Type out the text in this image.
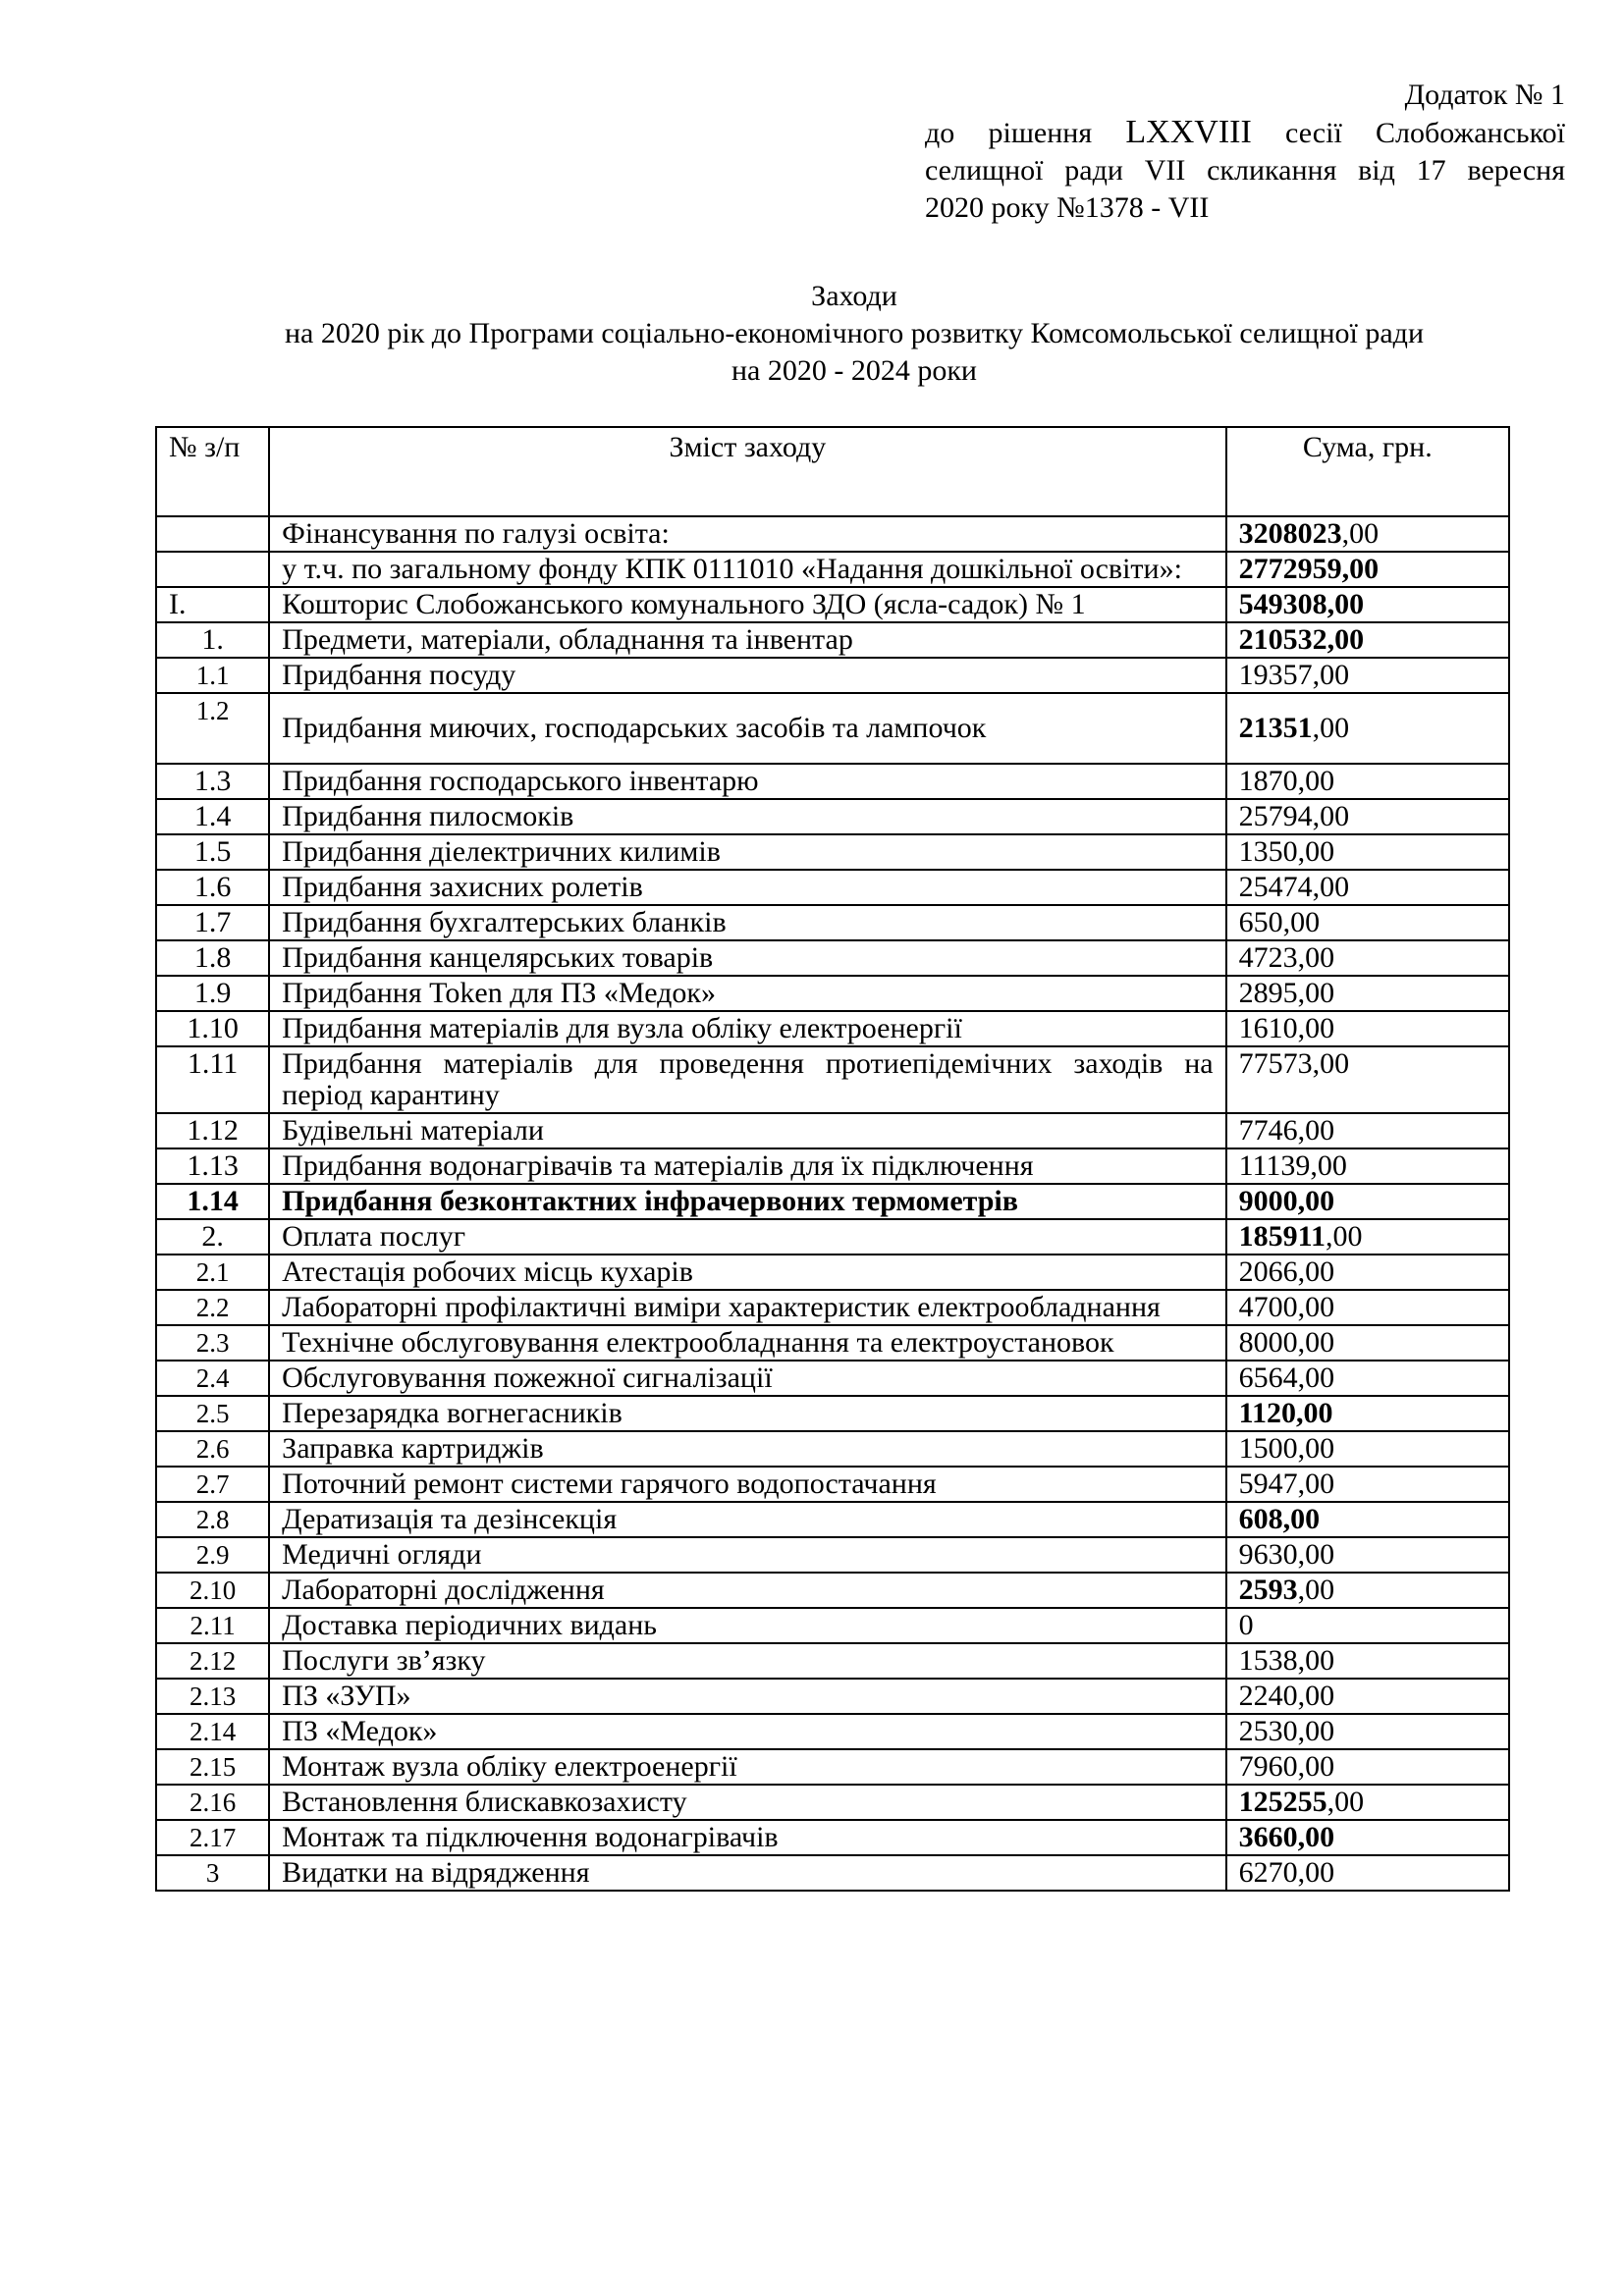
Додаток № 1
до рішення LXXVIII сесії Слобожанської
селищної ради VII скликання від 17 вересня
2020 року №1378 - VII
Заходи
на 2020 рік до Програми соціально-економічного розвитку Комсомольської селищної ради
на 2020 - 2024 роки
№ з/п	Зміст заходу	Сума, грн.
	Фінансування по галузі освіта:	3208023,00
	у т.ч. по загальному фонду КПК 0111010 «Надання дошкільної освіти»:	2772959,00
I.	Кошторис Слобожанського комунального ЗДО (ясла-садок) № 1	549308,00
1.	Предмети, матеріали, обладнання та інвентар	210532,00
1.1	Придбання посуду	19357,00
1.2	Придбання миючих, господарських засобів та лампочок	21351,00
1.3	Придбання господарського інвентарю	1870,00
1.4	Придбання пилосмоків	25794,00
1.5	Придбання діелектричних килимів	1350,00
1.6	Придбання захисних ролетів	25474,00
1.7	Придбання бухгалтерських бланків	650,00
1.8	Придбання канцелярських товарів	4723,00
1.9	Придбання Token для ПЗ «Медок»	2895,00
1.10	Придбання матеріалів для вузла обліку електроенергії	1610,00
1.11	Придбання матеріалів для проведення протиепідемічних заходів на період карантину	77573,00
1.12	Будівельні матеріали	7746,00
1.13	Придбання водонагрівачів та матеріалів для їх підключення	11139,00
1.14	Придбання безконтактних інфрачервоних термометрів	9000,00
2.	Оплата послуг	185911,00
2.1	Атестація робочих місць кухарів	2066,00
2.2	Лабораторні профілактичні виміри характеристик електрообладнання	4700,00
2.3	Технічне обслуговування електрообладнання та електроустановок	8000,00
2.4	Обслуговування пожежної сигналізації	6564,00
2.5	Перезарядка вогнегасників	1120,00
2.6	Заправка картриджів	1500,00
2.7	Поточний ремонт системи гарячого водопостачання	5947,00
2.8	Дератизація та дезінсекція	608,00
2.9	Медичні огляди	9630,00
2.10	Лабораторні дослідження	2593,00
2.11	Доставка періодичних видань	0
2.12	Послуги зв’язку	1538,00
2.13	ПЗ «ЗУП»	2240,00
2.14	ПЗ «Медок»	2530,00
2.15	Монтаж вузла обліку електроенергії	7960,00
2.16	Встановлення блискавкозахисту	125255,00
2.17	Монтаж та підключення водонагрівачів	3660,00
3	Видатки на відрядження	6270,00
